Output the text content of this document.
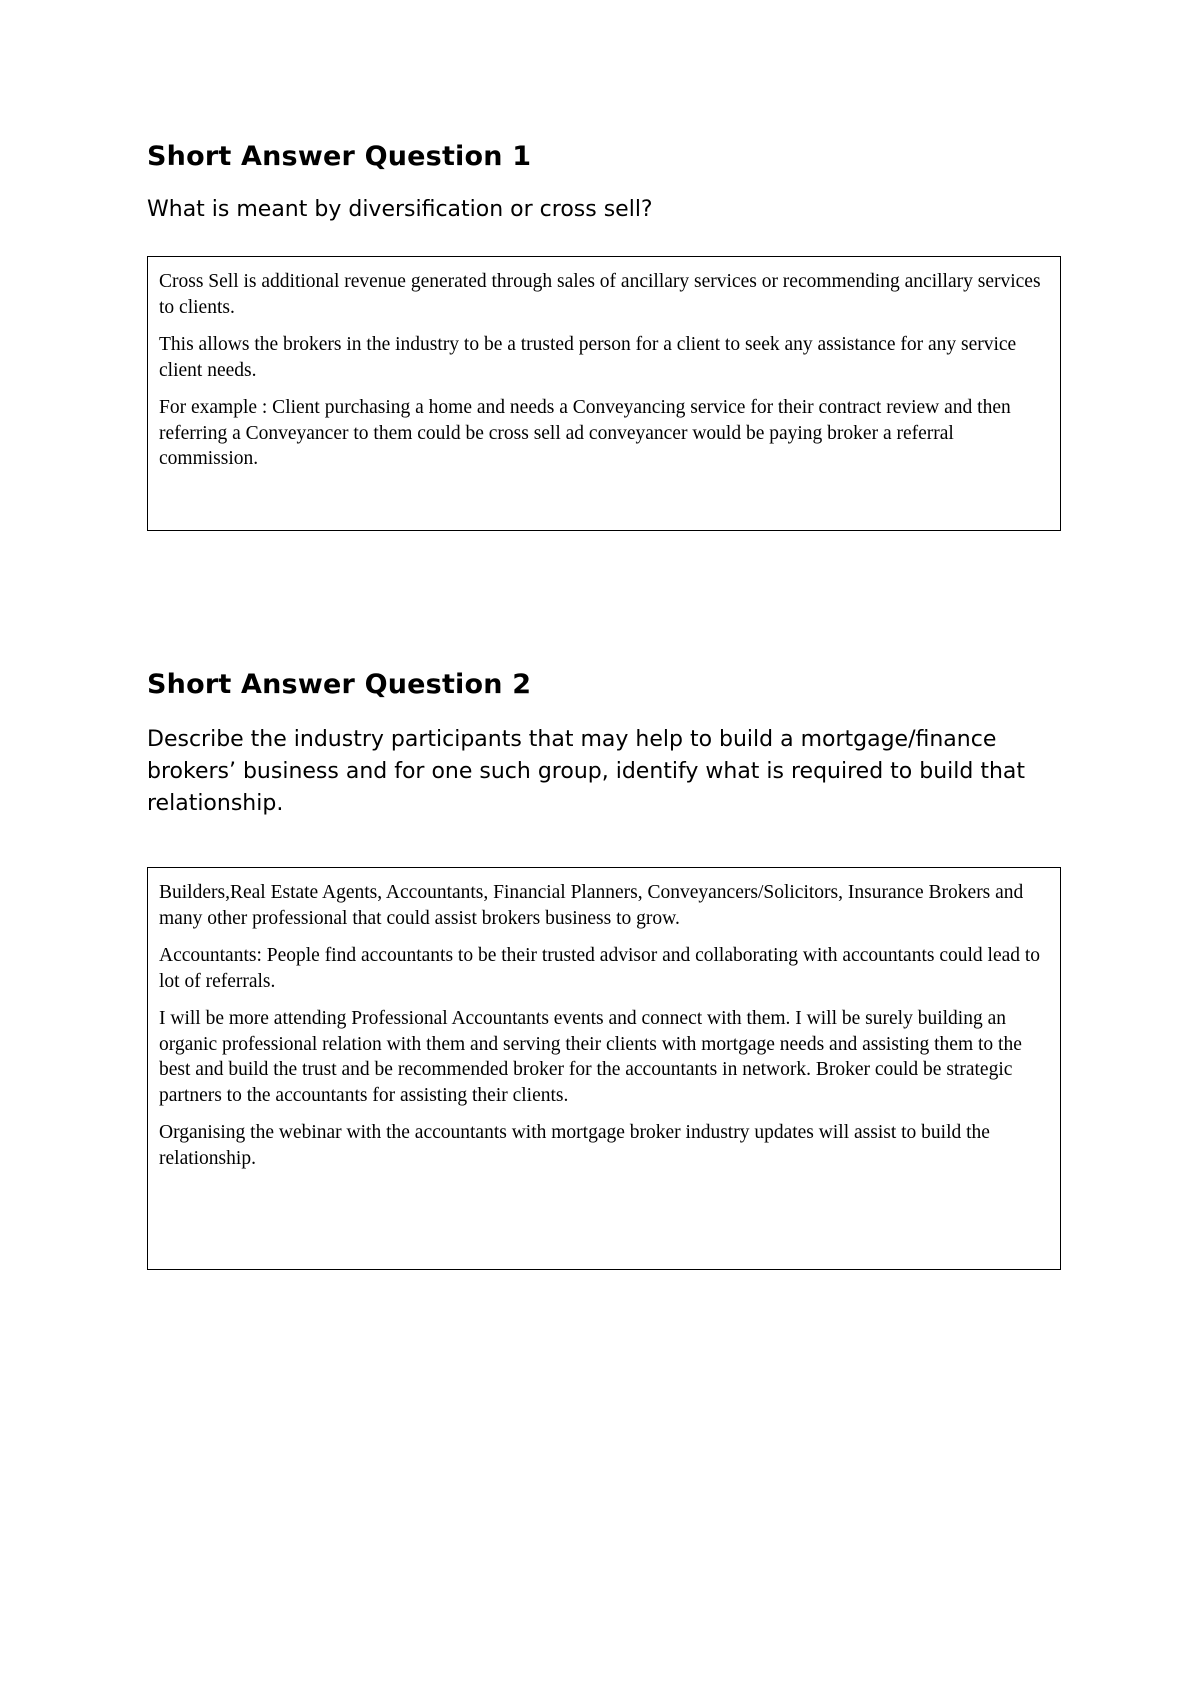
Short Answer Question 1

What is meant by diversification or cross sell?

Cross Sell is additional revenue generated through sales of ancillary services or recommending ancillary services to clients.

This allows the brokers in the industry to be a trusted person for a client to seek any assistance for any service client needs.

For example : Client purchasing a home and needs a Conveyancing service for their contract review and then referring a Conveyancer to them could be cross sell ad conveyancer would be paying broker a referral commission.

Short Answer Question 2

Describe the industry participants that may help to build a mortgage/finance brokers’ business and for one such group, identify what is required to build that relationship.

Builders,Real Estate Agents, Accountants, Financial Planners, Conveyancers/Solicitors, Insurance Brokers and many other professional that could assist brokers business to grow.

Accountants: People find accountants to be their trusted advisor and collaborating with accountants could lead to lot of referrals.

I will be more attending Professional Accountants events and connect with them. I will be surely building an organic professional relation with them and serving their clients with mortgage needs and assisting them to the best and build the trust and be recommended broker for the accountants in network. Broker could be strategic partners to the accountants for assisting their clients.

Organising the webinar with the accountants with mortgage broker industry updates will assist to build the relationship.
